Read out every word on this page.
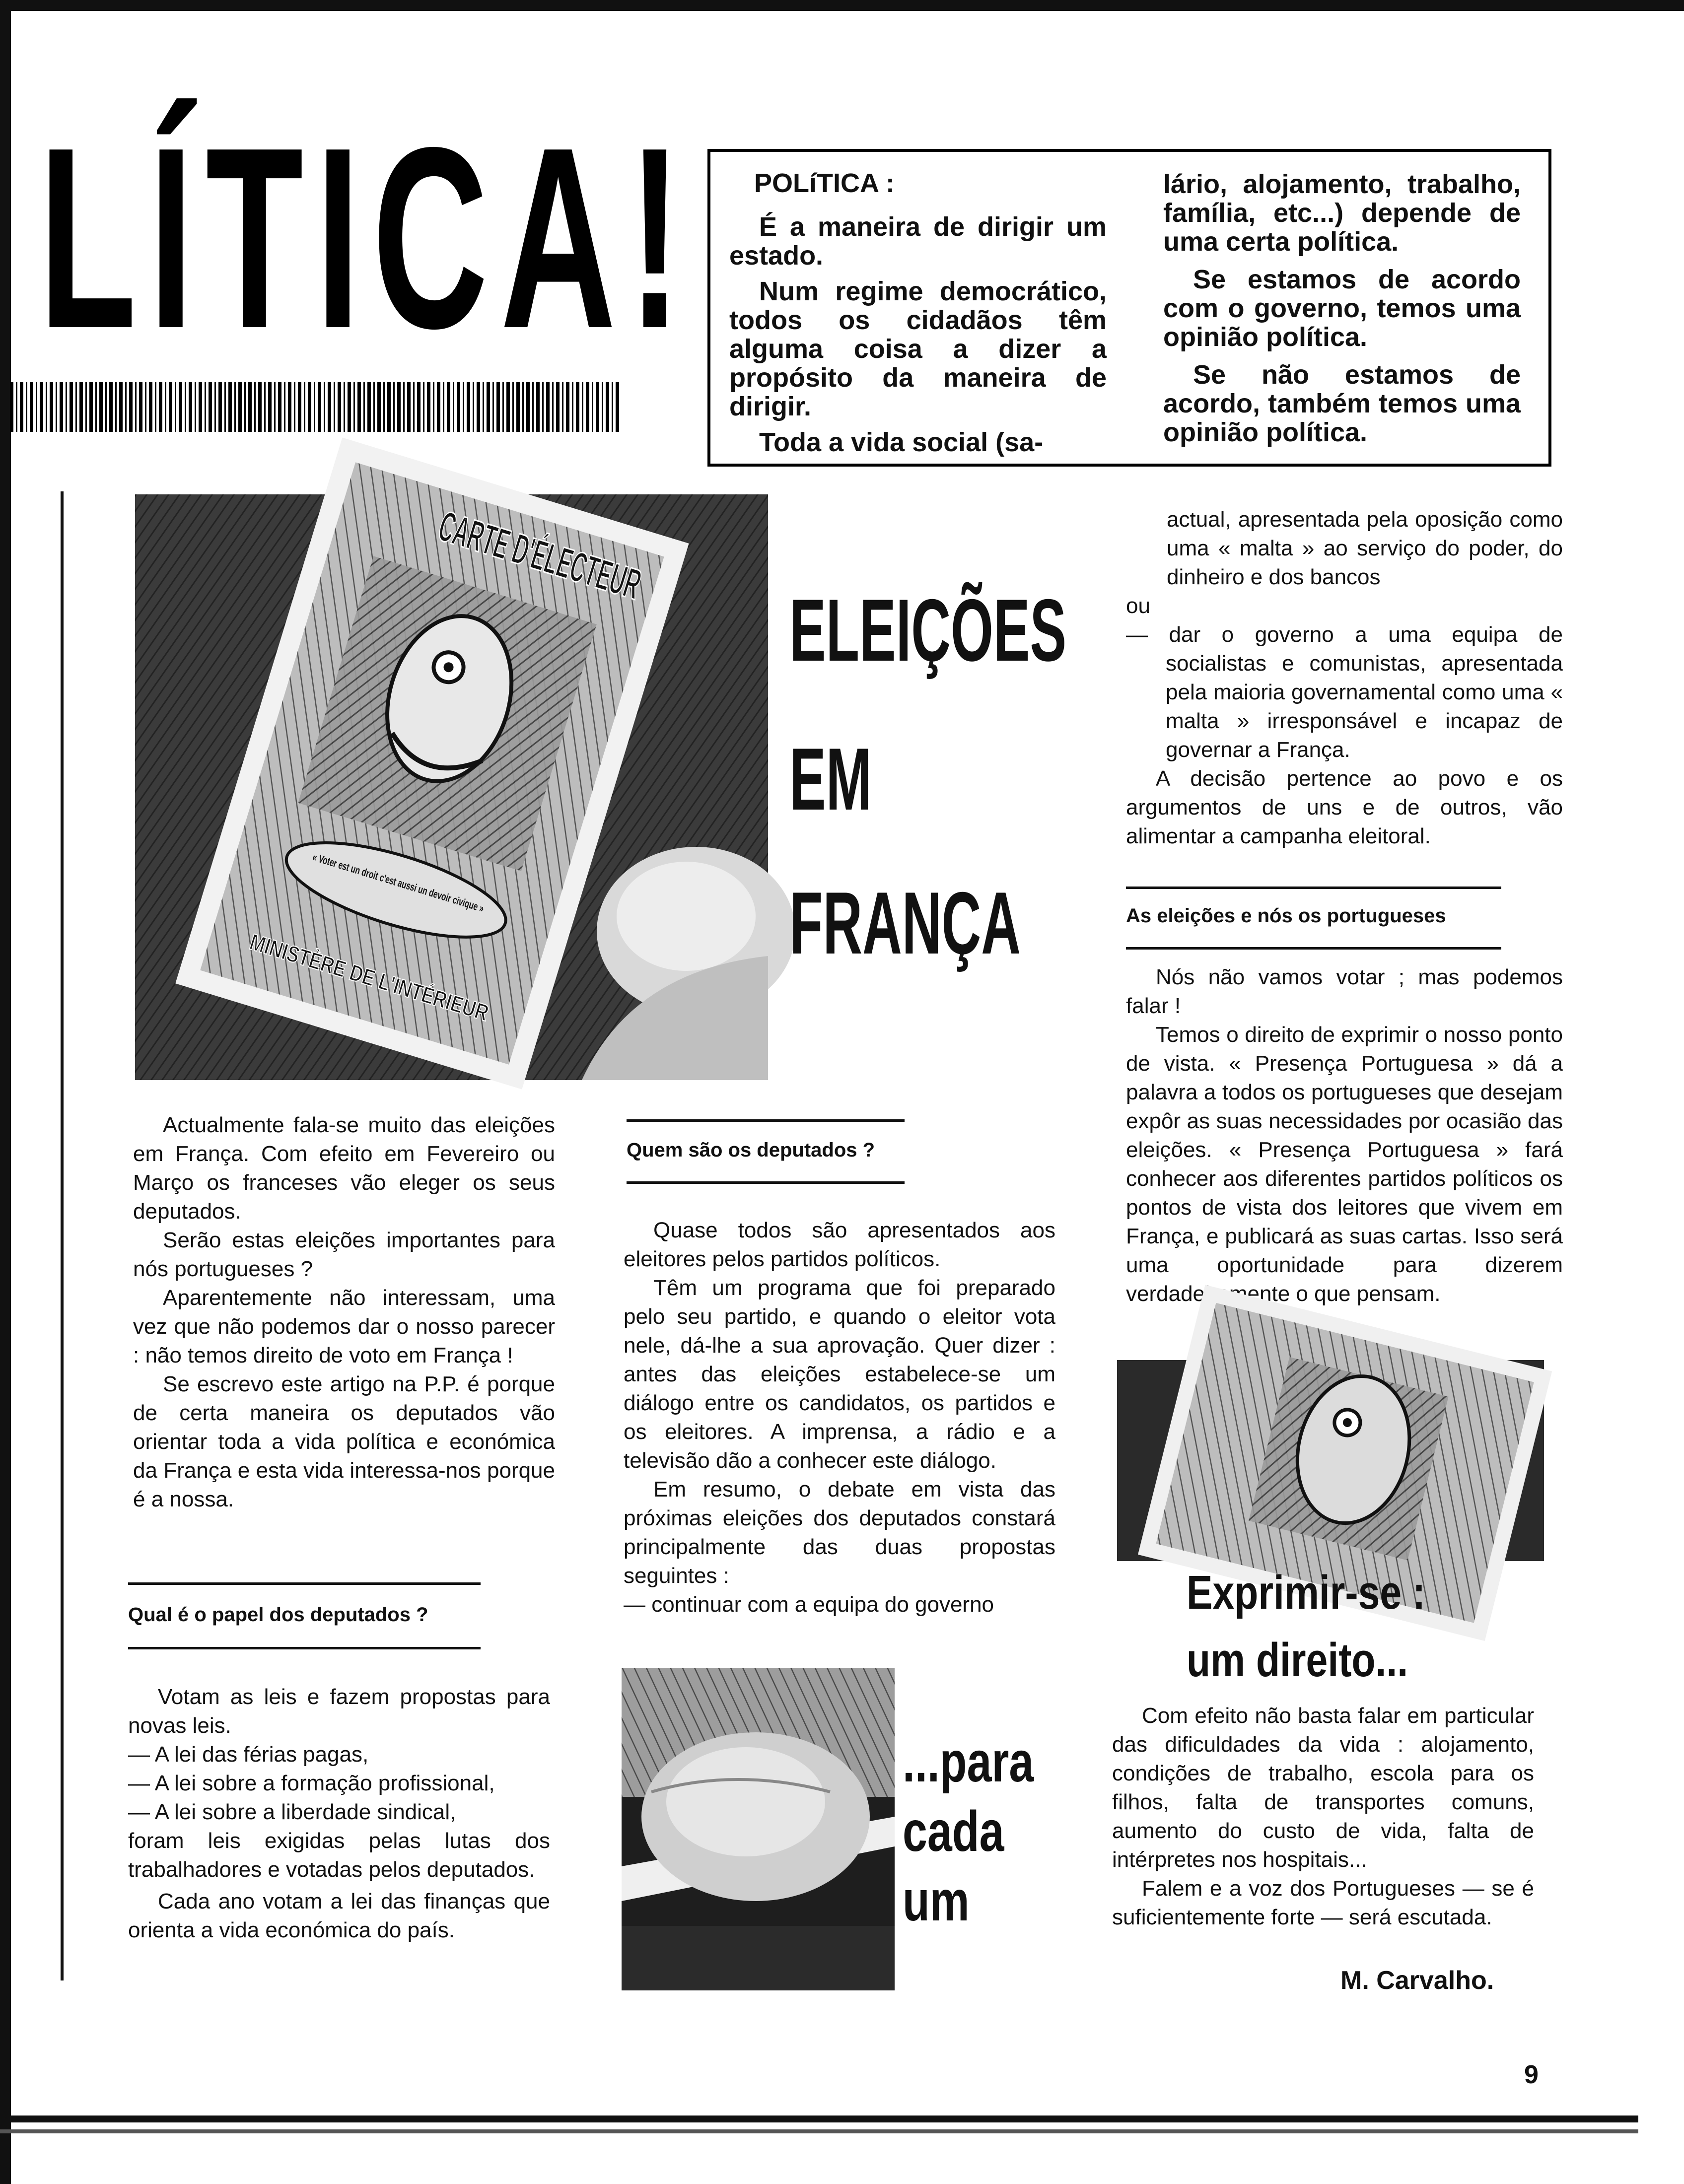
LÍTICA! POLíTICA :

É a maneira de dirigir um estado.

Num regime democrático, todos os cidadãos têm alguma coisa a dizer a propósito da maneira de dirigir.

Toda a vida social (sa-

lário, alojamento, trabalho, família, etc...) depende de uma certa política.

Se estamos de acordo com o governo, temos uma opinião política.

Se não estamos de acordo, também temos uma opinião política.

« Voter est un droit c'est aussi un devoir civique »
MINISTÈRE DE L'INTÉRIEUR
ELEIÇÕES
EM
FRANÇA

Actualmente fala-se muito das eleições em França. Com efeito em Fevereiro ou Março os franceses vão eleger os seus deputados.

Serão estas eleições importantes para nós portugueses ?

Aparentemente não interessam, uma vez que não podemos dar o nosso parecer : não temos direito de voto em França !

Se escrevo este artigo na P.P. é porque de certa maneira os deputados vão orientar toda a vida política e económica da França e esta vida interessa-nos porque é a nossa.

Qual é o papel dos deputados ?

Votam as leis e fazem propostas para novas leis.

— A lei das férias pagas,

— A lei sobre a formação profissional,

— A lei sobre a liberdade sindical,

foram leis exigidas pelas lutas dos trabalhadores e votadas pelos deputados.

Cada ano votam a lei das finanças que orienta a vida económica do país.

Quem são os deputados ?

Quase todos são apresentados aos eleitores pelos partidos políticos.

Têm um programa que foi preparado pelo seu partido, e quando o eleitor vota nele, dá-lhe a sua aprovação. Quer dizer : antes das eleições estabelece-se um diálogo entre os candidatos, os partidos e os eleitores. A imprensa, a rádio e a televisão dão a conhecer este diálogo.

Em resumo, o debate em vista das próximas eleições dos deputados constará principalmente das duas propostas seguintes :

— continuar com a equipa do governo

...para
cada
um

actual, apresentada pela oposição como uma « malta » ao serviço do poder, do dinheiro e dos bancos

ou

— dar o governo a uma equipa de socialistas e comunistas, apresentada pela maioria governamental como uma « malta » irresponsável e incapaz de governar a França.

A decisão pertence ao povo e os argumentos de uns e de outros, vão alimentar a campanha eleitoral.

As eleições e nós os portugueses

Nós não vamos votar ; mas podemos falar !

Temos o direito de exprimir o nosso ponto de vista. « Presença Portuguesa » dá a palavra a todos os portugueses que desejam expôr as suas necessidades por ocasião das eleições. « Presença Portuguesa » fará conhecer aos diferentes partidos políticos os pontos de vista dos leitores que vivem em França, e publicará as suas cartas. Isso será uma oportunidade para dizerem verdadeiramente o que pensam.

Exprimir-se :
um direito...

Com efeito não basta falar em particular das dificuldades da vida : alojamento, condições de trabalho, escola para os filhos, falta de transportes comuns, aumento do custo de vida, falta de intérpretes nos hospitais...

Falem e a voz dos Portugueses — se é suficientemente forte — será escutada.

M. Carvalho.
9
